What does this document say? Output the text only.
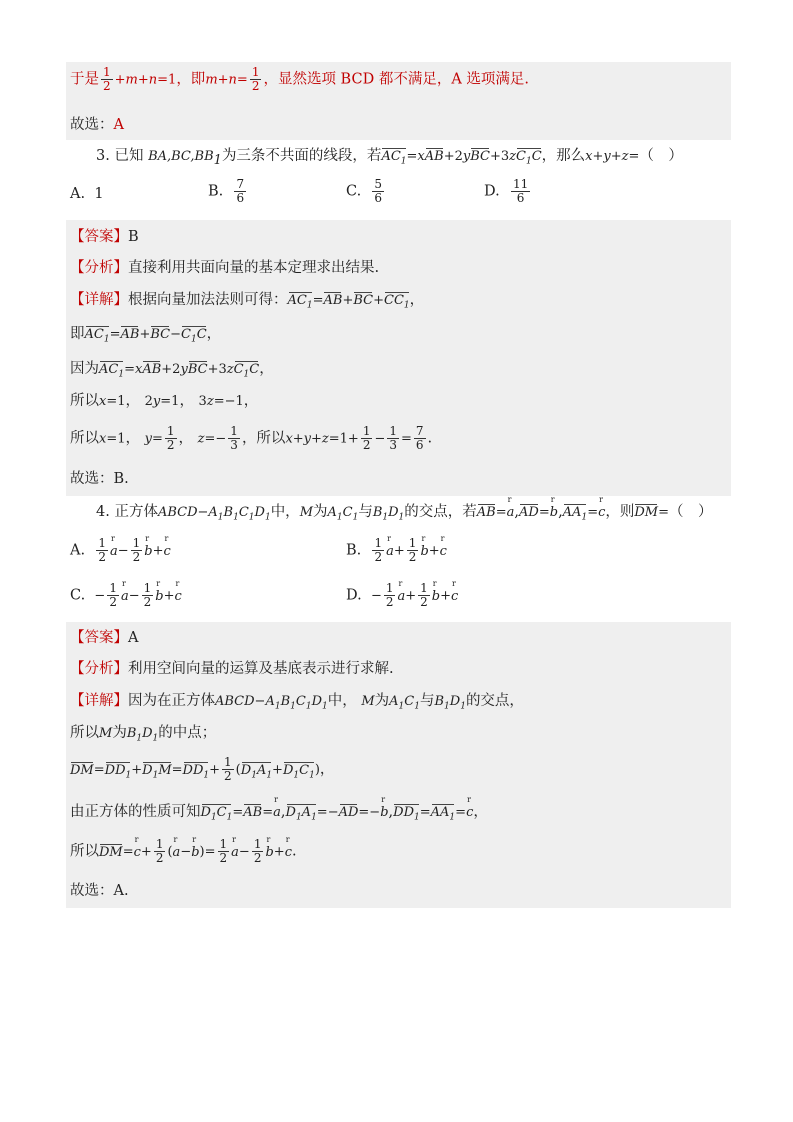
于是 $\frac{1}{2} +m+n=1$，即$m+n= \frac{1}{2}$ ，显然选项 BCD 都不满足，A 选项满足.
故选：A
3. 已知 $BA,BC,BB_1$为三条不共面的线段，若$AC_1=xAB+2yBC+3zC_1C$，那么x+y+z=（　）
A. 1	B. $\frac{7}{6}$	C. $\frac{5}{6}$	D. $\frac{11}{6}$
【答案】B
【分析】直接利用共面向量的基本定理求出结果.
【详解】根据向量加法法则可得：$AC_1=AB+BC+CC_1$，
即$AC_1=AB+BC-C_1C$，
因为$AC_1=xAB+2yBC+3zC_1C$，
所以x=1， 2y=1， 3z=−1，
所以x=1， $y= \frac{1}{2}$ ， $z=- \frac{1}{3}$ ，所以$x+y+z=1+ \frac{1}{2} - \frac{1}{3} = \frac{7}{6}$ .
故选：B.
4. 正方体$ABCD-A_1B_1C_1D_1$中，M为$A_1C_1$与$B_1D_1$的交点，若AB=r a,AD=r $b,AA_1=r$ c，则DM=（　）
A. $\frac{1}{2}$ r $a- \frac{1}{2}$ r b+r c	B. $\frac{1}{2}$ r $a+ \frac{1}{2}$ r b+r c
C.  − $\frac{1}{2}$ r $a- \frac{1}{2}$ r b+r c	D.  − $\frac{1}{2}$ r $a+ \frac{1}{2}$ r b+r c
【答案】A
【分析】利用空间向量的运算及基底表示进行求解.
【详解】因为在正方体$ABCD-A_1B_1C_1D_1$中， M为$A_1C_1$与$B_1D_1$的交点，
所以M为$B_1D_1$的中点；
$DM=DD_1+D_1M=DD_1+ \frac{1}{2} (D_1A_1+D_1C_1)$，
由正方体的性质可知$D_1C_1=AB=r$ $a,D_1A_1=-AD=-r$ $b,DD_1=AA_1=r$ c，
所以DM=r $c+ \frac{1}{2} (r$ a−r $b)= \frac{1}{2}$ r $a- \frac{1}{2}$ r b+r c.
故选：A.
